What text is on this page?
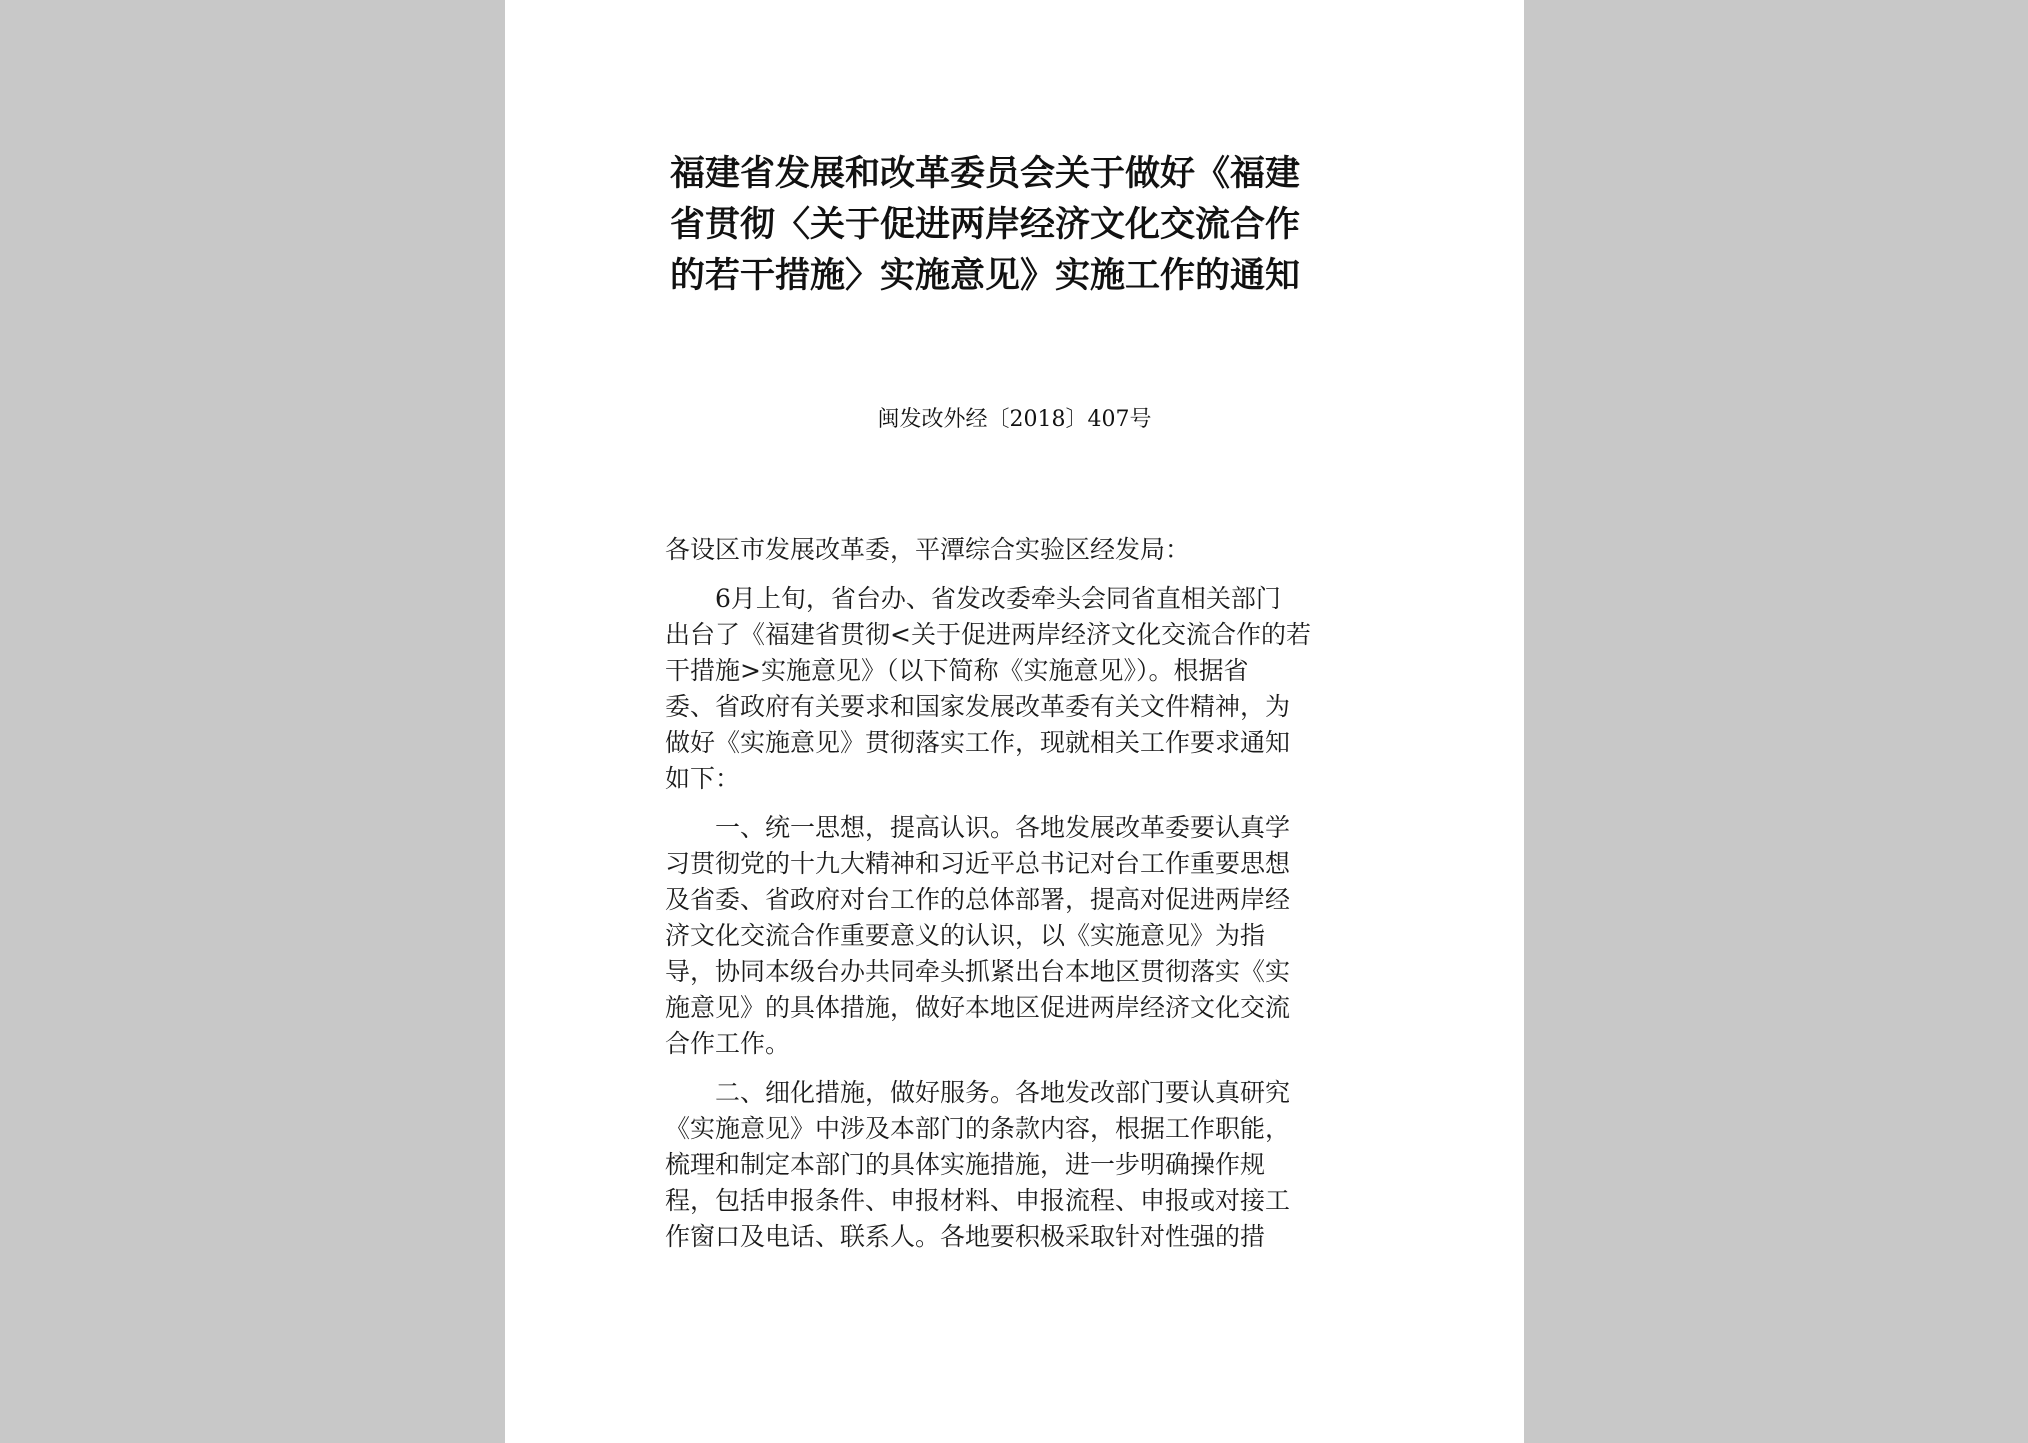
福建省发展和改革委员会关于做好《福建
省贯彻〈关于促进两岸经济文化交流合作
的若干措施〉实施意见》实施工作的通知

闽发改外经〔2018〕407号

各设区市发展改革委，平潭综合实验区经发局：
6月上旬，省台办、省发改委牵头会同省直相关部门
出台了《福建省贯彻<关于促进两岸经济文化交流合作的若
干措施>实施意见》（以下简称《实施意见》）。根据省
委、省政府有关要求和国家发展改革委有关文件精神，为
做好《实施意见》贯彻落实工作，现就相关工作要求通知
如下：
一、统一思想，提高认识。各地发展改革委要认真学
习贯彻党的十九大精神和习近平总书记对台工作重要思想
及省委、省政府对台工作的总体部署，提高对促进两岸经
济文化交流合作重要意义的认识，以《实施意见》为指
导，协同本级台办共同牵头抓紧出台本地区贯彻落实《实
施意见》的具体措施，做好本地区促进两岸经济文化交流
合作工作。
二、细化措施，做好服务。各地发改部门要认真研究
《实施意见》中涉及本部门的条款内容，根据工作职能，
梳理和制定本部门的具体实施措施，进一步明确操作规
程，包括申报条件、申报材料、申报流程、申报或对接工
作窗口及电话、联系人。各地要积极采取针对性强的措
